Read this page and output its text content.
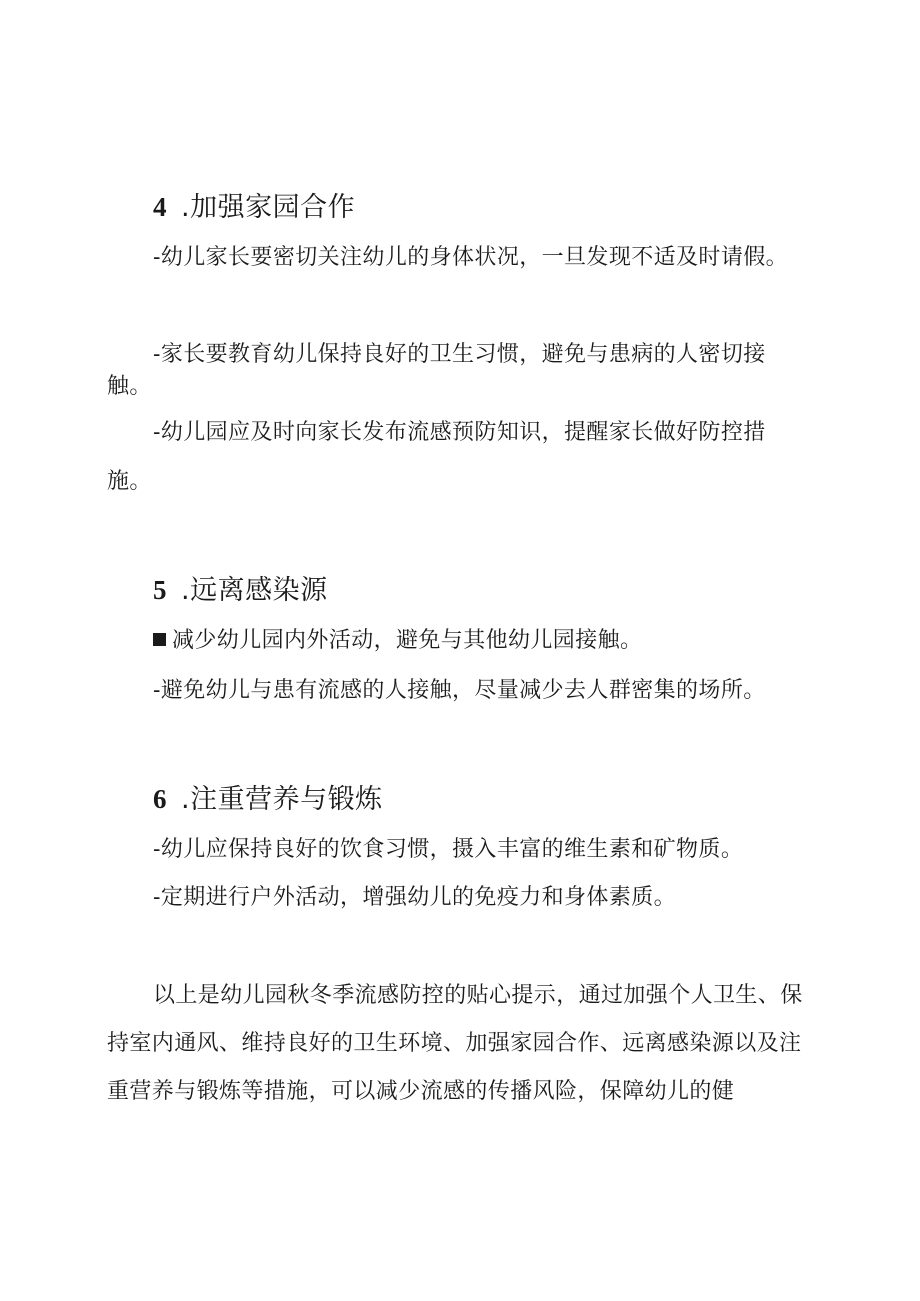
4 .加强家园合作
-幼儿家长要密切关注幼儿的身体状况，一旦发现不适及时请假。
-家长要教育幼儿保持良好的卫生习惯，避免与患病的人密切接
触。
-幼儿园应及时向家长发布流感预防知识，提醒家长做好防控措
施。
5 .远离感染源
减少幼儿园内外活动，避免与其他幼儿园接触。
-避免幼儿与患有流感的人接触，尽量减少去人群密集的场所。
6 .注重营养与锻炼
-幼儿应保持良好的饮食习惯，摄入丰富的维生素和矿物质。
-定期进行户外活动，增强幼儿的免疫力和身体素质。
以上是幼儿园秋冬季流感防控的贴心提示，通过加强个人卫生、保持室内通风、维持良好的卫生环境、加强家园合作、远离感染源以及注重营养与锻炼等措施，可以减少流感的传播风险，保障幼儿的健
